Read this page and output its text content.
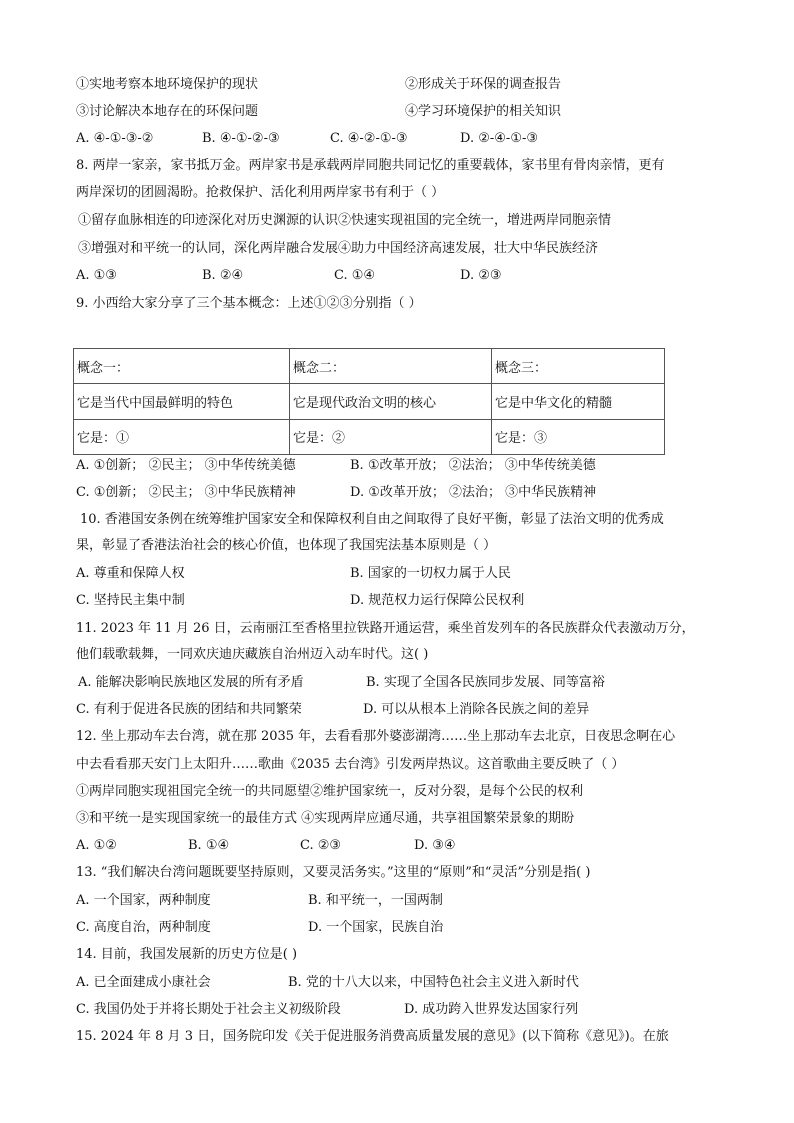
①实地考察本地环境保护的现状	②形成关于环保的调查报告
③讨论解决本地存在的环保问题	④学习环境保护的相关知识
A. ④-①-③-②	B. ④-①-②-③	C. ④-②-①-③	D. ②-④-①-③
8. 两岸一家亲，家书抵万金。两岸家书是承载两岸同胞共同记忆的重要载体，家书里有骨肉亲情，更有
两岸深切的团圆渴盼。抢救保护、活化利用两岸家书有利于（ ）
①留存血脉相连的印迹深化对历史渊源的认识②快速实现祖国的完全统一，增进两岸同胞亲情
③增强对和平统一的认同，深化两岸融合发展④助力中国经济高速发展，壮大中华民族经济
A. ①③	B. ②④	C. ①④	D. ②③
9. 小西给大家分享了三个基本概念：上述①②③分别指（ ）
概念一：	概念二：	概念三：
它是当代中国最鲜明的特色	它是现代政治文明的核心	它是中华文化的精髓
它是：①	它是：②	它是：③
A. ①创新； ②民主； ③中华传统美德	B. ①改革开放； ②法治； ③中华传统美德
C. ①创新； ②民主； ③中华民族精神	D. ①改革开放； ②法治； ③中华民族精神
10. 香港国安条例在统筹维护国家安全和保障权利自由之间取得了良好平衡，彰显了法治文明的优秀成
果，彰显了香港法治社会的核心价值，也体现了我国宪法基本原则是（ ）
A. 尊重和保障人权	B. 国家的一切权力属于人民
C. 坚持民主集中制	D. 规范权力运行保障公民权利
11. 2023 年 11 月 26 日，云南丽江至香格里拉铁路开通运营，乘坐首发列车的各民族群众代表激动万分，
他们载歌载舞，一同欢庆迪庆藏族自治州迈入动车时代。这( )
A. 能解决影响民族地区发展的所有矛盾	B. 实现了全国各民族同步发展、同等富裕
C. 有利于促进各民族的团结和共同繁荣	D. 可以从根本上消除各民族之间的差异
12. 坐上那动车去台湾，就在那 2035 年，去看看那外婆澎湖湾……坐上那动车去北京，日夜思念啊在心
中去看看那天安门上太阳升……歌曲《2035 去台湾》引发两岸热议。这首歌曲主要反映了（ ）
①两岸同胞实现祖国完全统一的共同愿望②维护国家统一，反对分裂，是每个公民的权利
③和平统一是实现国家统一的最佳方式 ④实现两岸应通尽通，共享祖国繁荣景象的期盼
A. ①②	B. ①④	C. ②③	D. ③④
13. “我们解决台湾问题既要坚持原则，又要灵活务实。”这里的“原则”和“灵活”分别是指( )
A. 一个国家，两种制度	B. 和平统一，一国两制
C. 高度自治，两种制度	D. 一个国家，民族自治
14. 目前，我国发展新的历史方位是( )
A. 已全面建成小康社会	B. 党的十八大以来，中国特色社会主义进入新时代
C. 我国仍处于并将长期处于社会主义初级阶段	D. 成功跨入世界发达国家行列
15. 2024 年 8 月 3 日，国务院印发《关于促进服务消费高质量发展的意见》(以下简称《意见》)。在旅
